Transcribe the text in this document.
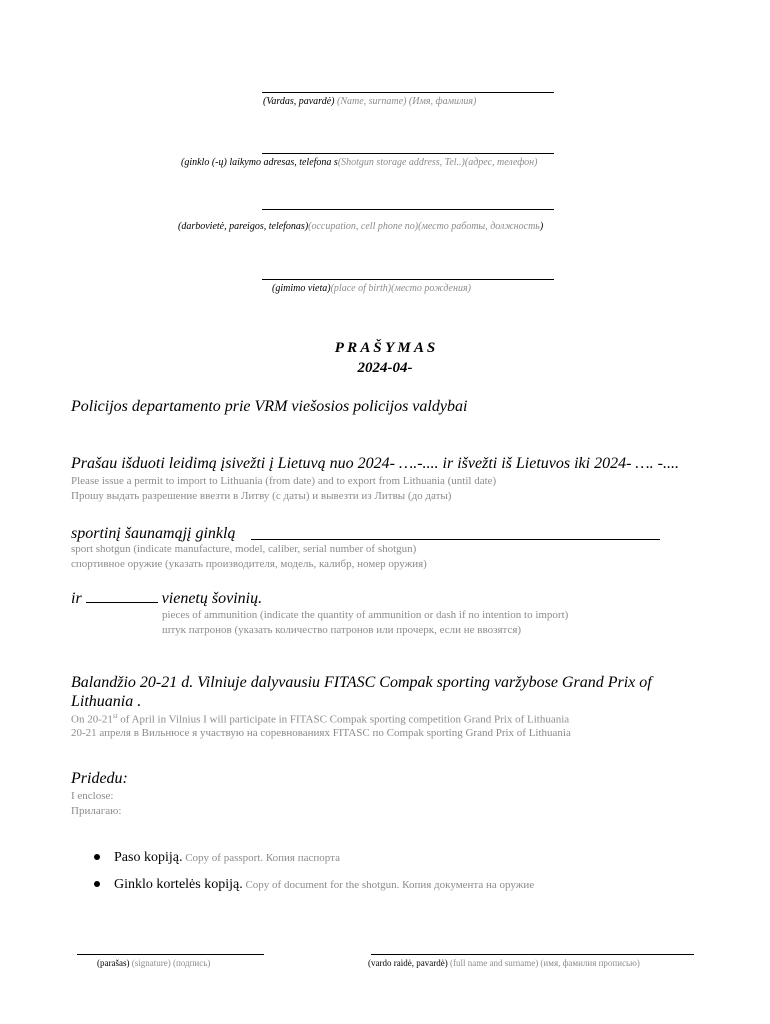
(Vardas, pavardė) (Name, surname) (Имя, фамилия)
(ginklo (-ų) laikymo adresas, telefona s(Shotgun storage address, Tel..)(адрес, телефон)
(darbovietė, pareigos, telefonas)(occupation, cell phone no)(место работы, должность)
(gimimo vieta)(place of birth)(место рождения)
P R A Š Y M A S
2024-04-
Policijos departamento prie VRM viešosios policijos valdybai
Prašau išduoti leidimą įsivežti į Lietuvą nuo 2024- ….-.... ir išvežti iš Lietuvos iki 2024- …. -....
Please issue a permit to import to Lithuania (from date) and to export from Lithuania (until date)
Прошу выдать разрешение ввезти в Литву (с даты) и вывезти из Литвы (до даты)
sportinį šaunamąjį ginklą
sport shotgun (indicate manufacture, model, caliber, serial number of shotgun)
спортивное оружие (указать производителя, модель, калибр, номер оружия)
ir	vienetų šovinių.
pieces of ammunition (indicate the quantity of ammunition or dash if no intention to import)
штук патронов (указать количество патронов или прочерк, если не ввозятся)
Balandžio 20-21 d. Vilniuje dalyvausiu FITASC Compak sporting varžybose Grand Prix of
Lithuania .
On 20-21st of April in Vilnius I will participate in FITASC Compak sporting competition Grand Prix of Lithuania
20-21 апреля в Вильнюсе я участвую на соревнованиях FITASC по Compak sporting Grand Prix of Lithuania
Pridedu:
I enclose:
Прилагаю:
Paso kopiją. Copy of passport. Копия паспорта
Ginklo kortelės kopiją. Copy of document for the shotgun. Копия документа на оружие
(parašas) (signature) (подпись)	(vardo raidė, pavardė) (full name and surname) (имя, фамилия прописью)
